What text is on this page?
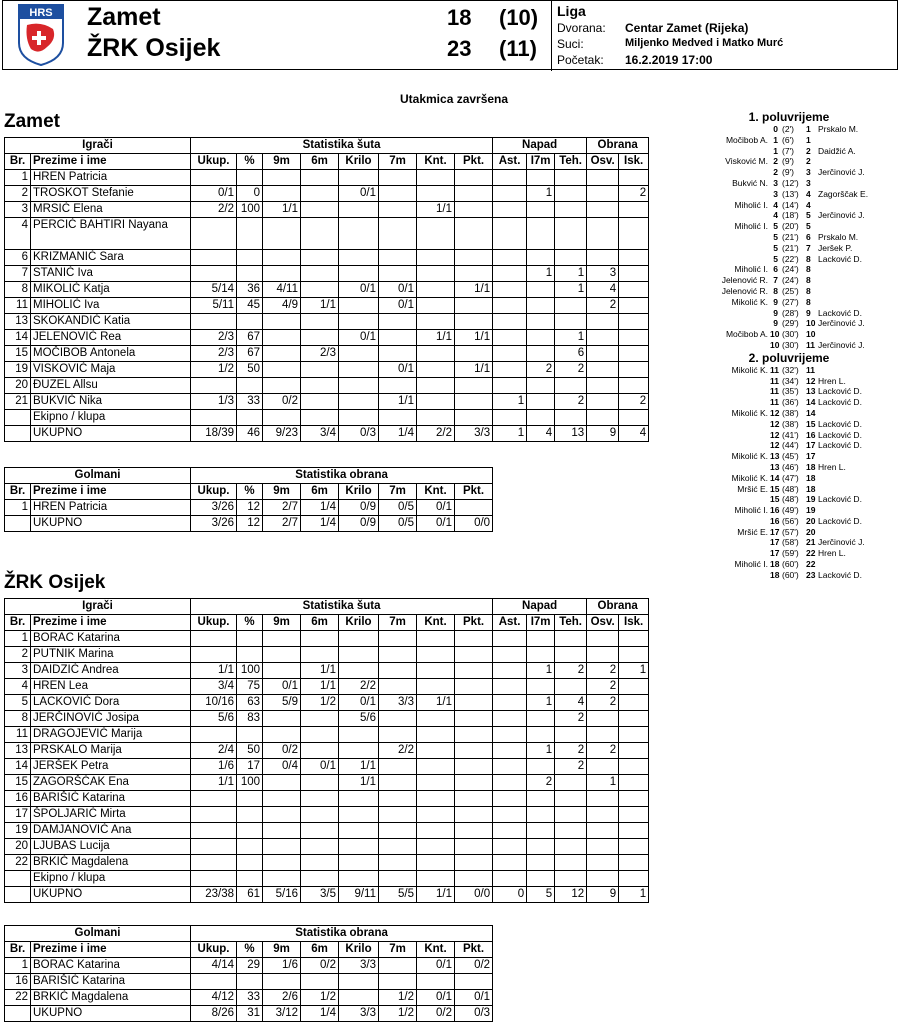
HRS Zamet
ŽRK Osijek
18 (10)
23 (11)
Liga
Dvorana: Centar Zamet (Rijeka)
Suci:	Miljenko Medved i Matko Murć
Početak: 16.2.2019 17:00
Utakmica završena
Zamet
Igrači		Statistika šuta								Napad			Obrana	
Br.	Prezime i ime	Ukup.	%	9m	6m	Krilo	7m	Knt.	Pkt.	Ast.	I7m	Teh.	Osv.	Isk.
1	HREN Patricia													
2	TROSKOT Stefanie	0/1	0			0/1					1			2
3	MRSIĆ Elena	2/2	100	1/1				1/1						
4	PERCIĆ BAHTIRI Nayana													
6	KRIZMANIĆ Sara													
7	STANIĆ Iva										1	1	3	
8	MIKOLIĆ Katja	5/14	36	4/11		0/1	0/1		1/1			1	4	
11	MIHOLIĆ Iva	5/11	45	4/9	1/1		0/1						2	
13	SKOKANDIĆ Katia													
14	JELENOVIĆ Rea	2/3	67			0/1		1/1	1/1			1		
15	MOČIBOB Antonela	2/3	67		2/3							6		
19	VISKOVIĆ Maja	1/2	50				0/1		1/1		2	2		
20	ĐUZEL Allsu													
21	BUKVIĆ Nika	1/3	33	0/2			1/1			1		2		2
	Ekipno / klupa													
	UKUPNO	18/39	46	9/23	3/4	0/3	1/4	2/2	3/3	1	4	13	9	4
Golmani		Statistika obrana							
Br.	Prezime i ime	Ukup.	%	9m	6m	Krilo	7m	Knt.	Pkt.
1	HREN Patricia	3/26	12	2/7	1/4	0/9	0/5	0/1	
	UKUPNO	3/26	12	2/7	1/4	0/9	0/5	0/1	0/0
ŽRK Osijek
Igrači		Statistika šuta								Napad			Obrana	
Br.	Prezime i ime	Ukup.	%	9m	6m	Krilo	7m	Knt.	Pkt.	Ast.	I7m	Teh.	Osv.	Isk.
1	BORAC Katarina													
2	PUTNIK Marina													
3	DAIDZIĆ Andrea	1/1	100		1/1						1	2	2	1
4	HREN Lea	3/4	75	0/1	1/1	2/2							2	
5	LACKOVIĆ Dora	10/16	63	5/9	1/2	0/1	3/3	1/1			1	4	2	
8	JERČINOVIĆ Josipa	5/6	83			5/6						2		
11	DRAGOJEVIĆ Marija													
13	PRSKALO Marija	2/4	50	0/2			2/2				1	2	2	
14	JERŠEK Petra	1/6	17	0/4	0/1	1/1						2		
15	ZAGORŠĆAK Ena	1/1	100			1/1					2		1	
16	BARIŠIĆ Katarina													
17	ŠPOLJARIĆ Mirta													
19	DAMJANOVIĆ Ana													
20	LJUBAS Lucija													
22	BRKIĆ Magdalena													
	Ekipno / klupa													
	UKUPNO	23/38	61	5/16	3/5	9/11	5/5	1/1	0/0	0	5	12	9	1
Golmani		Statistika obrana							
Br.	Prezime i ime	Ukup.	%	9m	6m	Krilo	7m	Knt.	Pkt.
1	BORAC Katarina	4/14	29	1/6	0/2	3/3		0/1	0/2
16	BARIŠIĆ Katarina								
22	BRKIĆ Magdalena	4/12	33	2/6	1/2		1/2	0/1	0/1
	UKUPNO	8/26	31	3/12	1/4	3/3	1/2	0/2	0/3
1. poluvrijeme
0 (2') 1 Prskalo M.
Močibob A. 1 (6') 1
1 (7') 2 Daidžić A.
Visković M. 2 (9') 2
2 (9') 3 Jerčinović J.
Bukvić N. 3 (12') 3
3 (13') 4 Zagorščak E.
Miholić I. 4 (14') 4
4 (18') 5 Jerčinović J.
Miholić I. 5 (20') 5
5 (21') 6 Prskalo M.
5 (21') 7 Jeršek P.
5 (22') 8 Lacković D.
Miholić I. 6 (24') 8
Jelenović R. 7 (24') 8
Jelenović R. 8 (25') 8
Mikolić K. 9 (27') 8
9 (28') 9 Lacković D.
9 (29') 10 Jerčinović J.
Močibob A. 10 (30') 10
10 (30') 11 Jerčinović J.
2. poluvrijeme
Mikolić K. 11 (32') 11
11 (34') 12 Hren L.
11 (35') 13 Lacković D.
11 (36') 14 Lacković D.
Mikolić K. 12 (38') 14
12 (38') 15 Lacković D.
12 (41') 16 Lacković D.
12 (44') 17 Lacković D.
Mikolić K. 13 (45') 17
13 (46') 18 Hren L.
Mikolić K. 14 (47') 18
Mršić E. 15 (48') 18
15 (48') 19 Lacković D.
Miholić I. 16 (49') 19
16 (56') 20 Lacković D.
Mršić E. 17 (57') 20
17 (58') 21 Jerčinović J.
17 (59') 22 Hren L.
Miholić I. 18 (60') 22
18 (60') 23 Lacković D.
